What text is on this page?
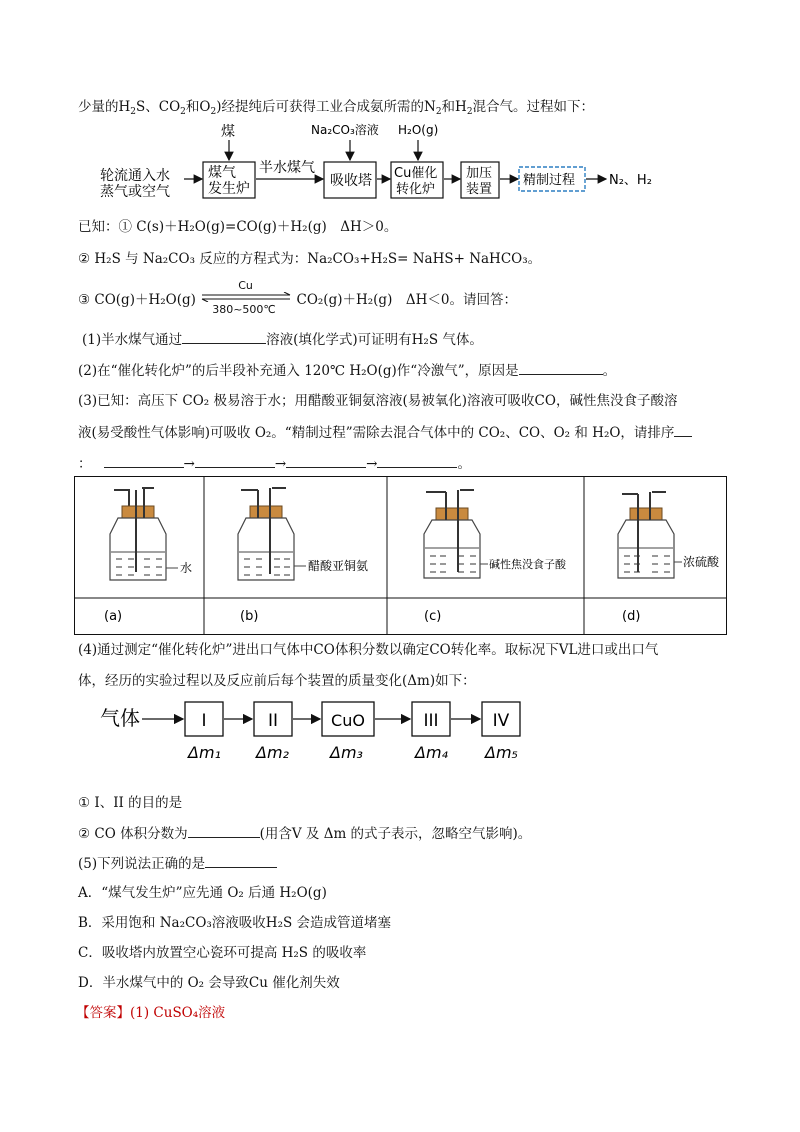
少量的$H_2S$、$CO_2$和$O_2$)经提纯后可获得工业合成氨所需的$N_2$和$H_2$混合气。过程如下：
轮流通入水
蒸气或空气
煤气
发生炉
煤
半水煤气
吸收塔
Na₂CO₃溶液
Cu催化
转化炉
H₂O(g)
加压
装置
精制过程	N₂、H₂
已知：① C(s)＋H₂O(g)=CO(g)＋H₂(g)　ΔH＞0。
② H₂S 与 Na₂CO₃ 反应的方程式为：Na₂CO₃+H₂S= NaHS+ NaHCO₃。
③ CO(g)＋H₂O(g)
Cu
380~500℃
CO₂(g)＋H₂(g)　ΔH＜0。请回答：
(1)半水煤气通过	溶液(填化学式)可证明有H₂S 气体。
(2)在“催化转化炉”的后半段补充通入 120℃ H₂O(g)作“冷激气”，原因是	。
(3)已知：高压下 CO₂ 极易溶于水；用醋酸亚铜氨溶液(易被氧化)溶液可吸收CO，碱性焦没食子酸溶
液(易受酸性气体影响)可吸收 O₂。“精制过程”需除去混合气体中的 CO₂、CO、O₂ 和 H₂O，请排序
：	→	→	→	。
水	醋酸亚铜氨	碱性焦没食子酸	浓硫酸
(a)	(b)	(c)	(d)
(4)通过测定“催化转化炉”进出口气体中CO体积分数以确定CO转化率。取标况下VL进口或出口气
体，经历的实验过程以及反应前后每个装置的质量变化(Δm)如下：
气体	I	II	CuO	III	IV
Δm₁ Δm₂	Δm₃	Δm₄ Δm₅
① I、II 的目的是
② CO 体积分数为	(用含V 及 Δm 的式子表示，忽略空气影响)。
(5)下列说法正确的是
A．“煤气发生炉”应先通 O₂ 后通 H₂O(g)
B．采用饱和 Na₂CO₃溶液吸收H₂S 会造成管道堵塞
C．吸收塔内放置空心瓷环可提高 H₂S 的吸收率
D．半水煤气中的 O₂ 会导致Cu 催化剂失效
【答案】(1) CuSO₄溶液
